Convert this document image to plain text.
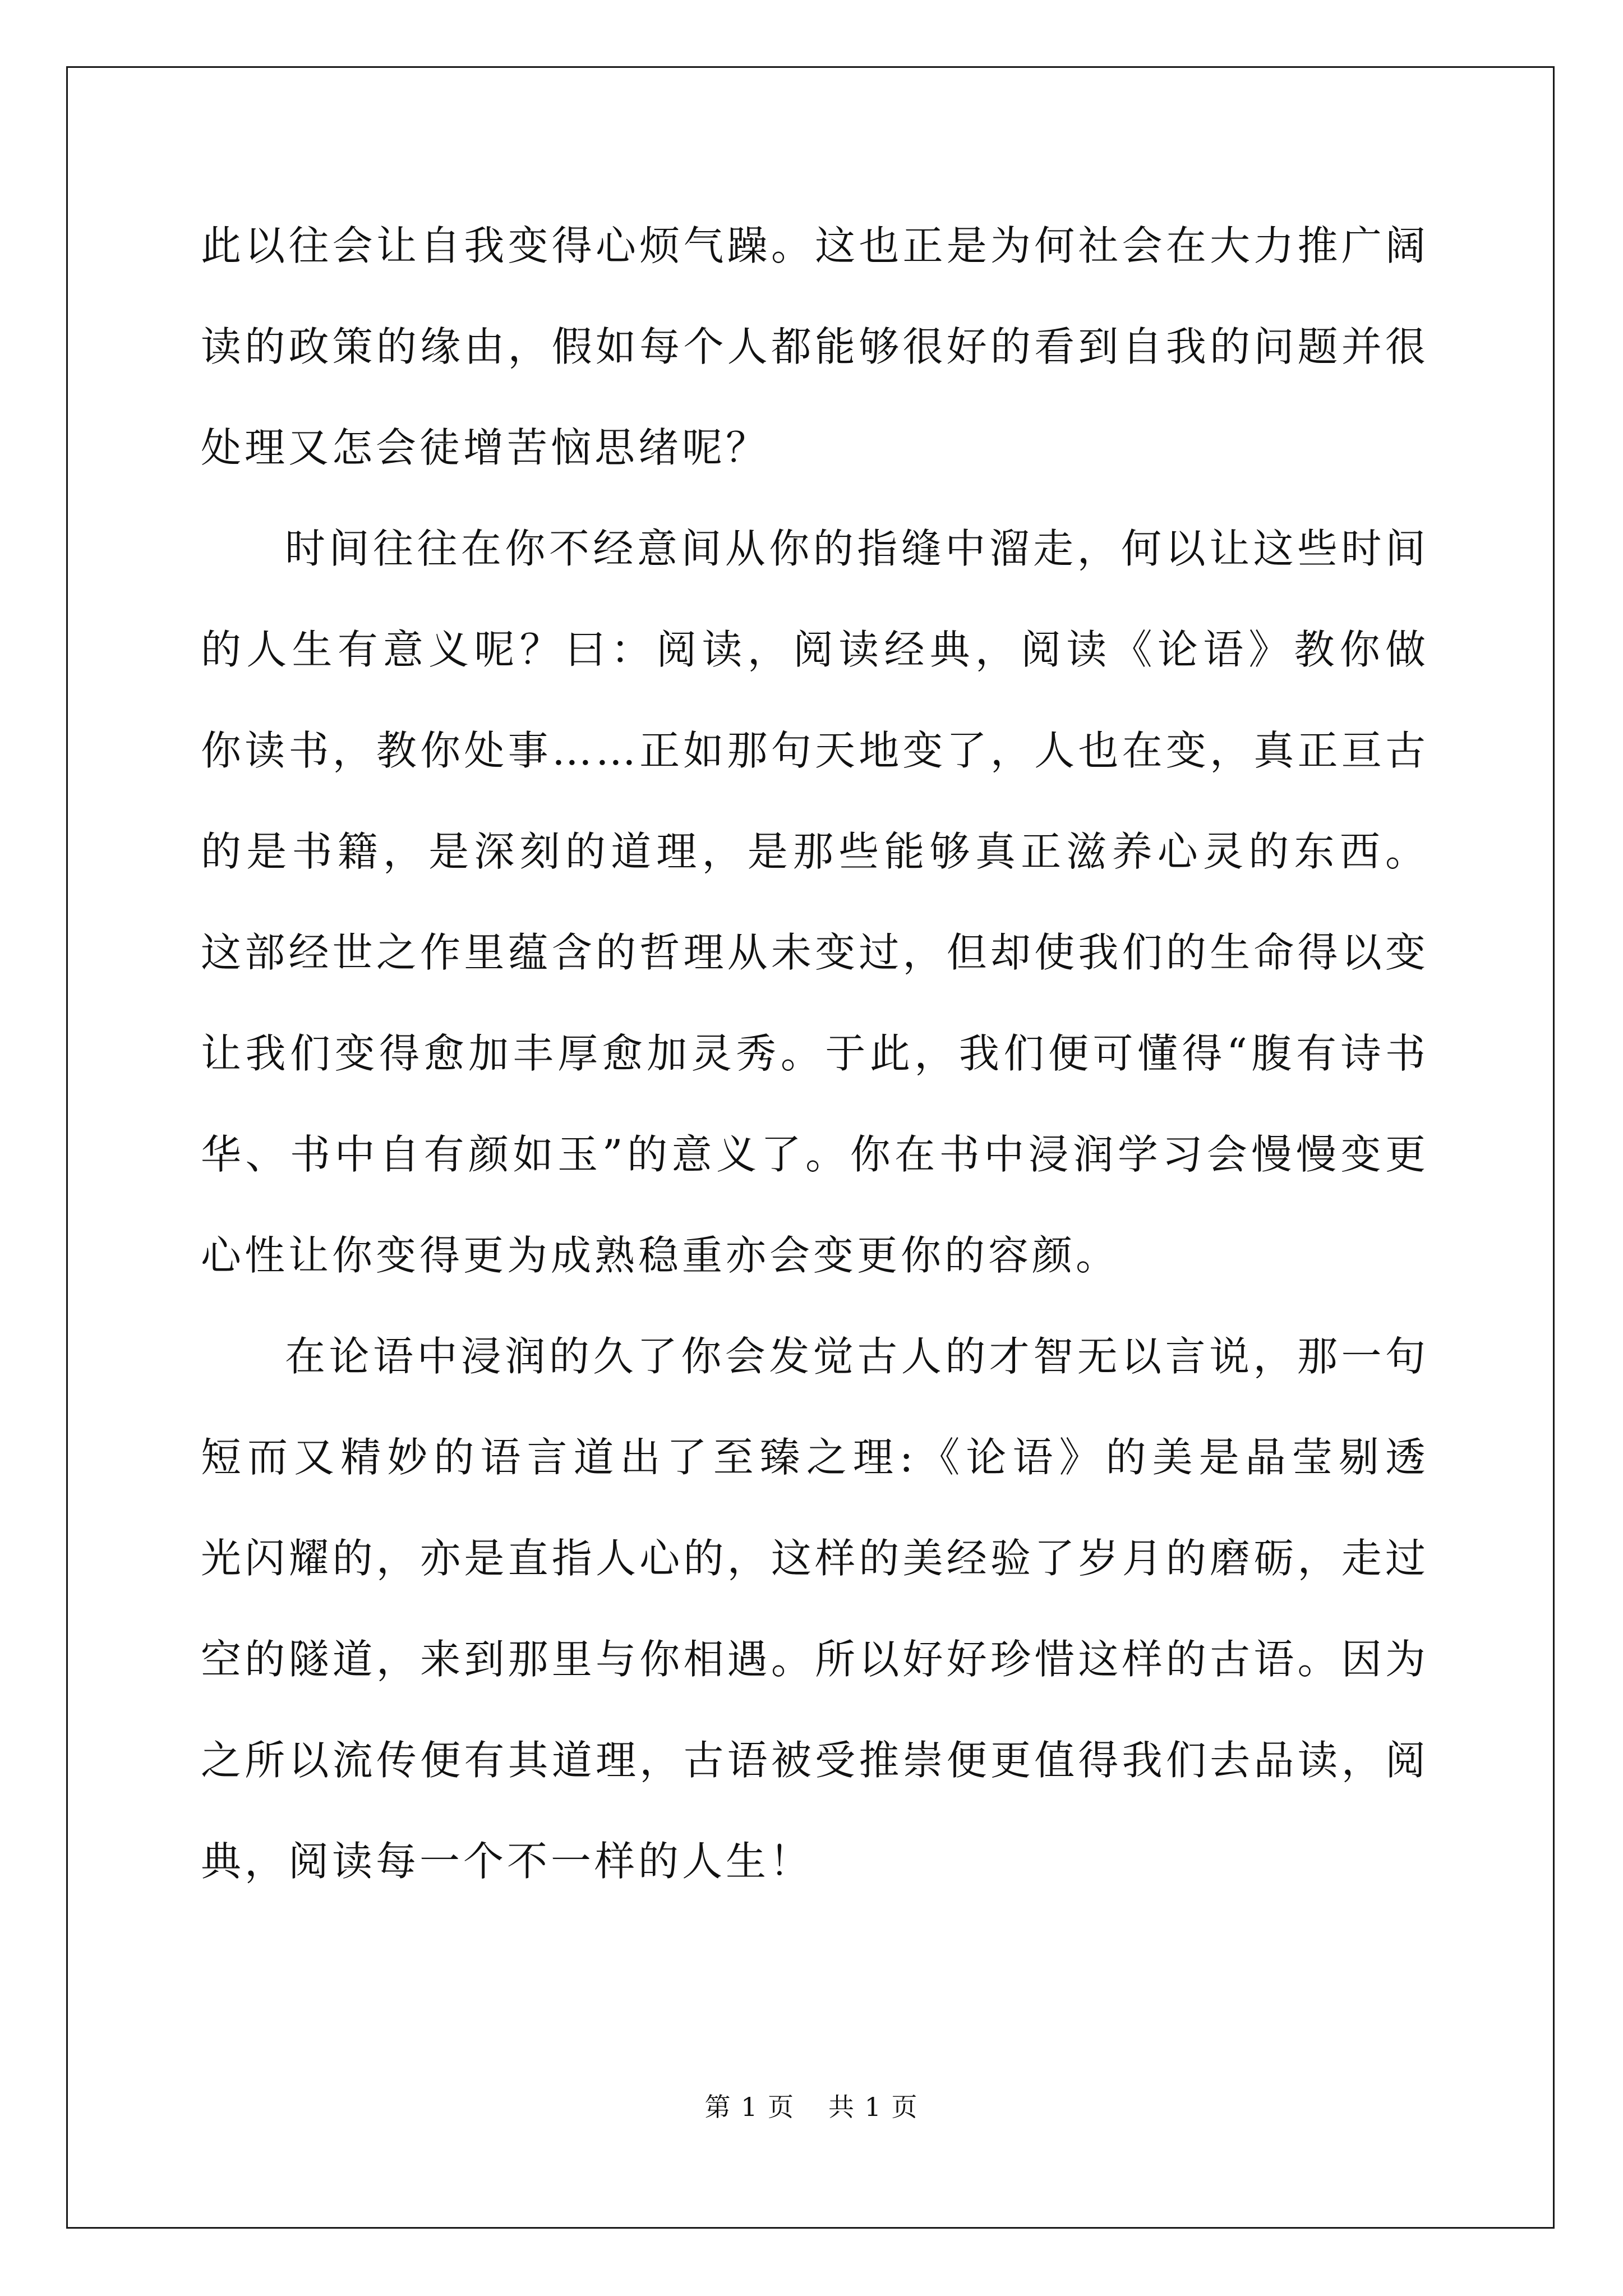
此以往会让自我变得心烦气躁。这也正是为何社会在大力推广阔
读的政策的缘由，假如每个人都能够很好的看到自我的问题并很
处理又怎会徒增苦恼思绪呢？
时间往往在你不经意间从你的指缝中溜走，何以让这些时间
的人生有意义呢？曰：阅读，阅读经典，阅读《论语》教你做
你读书，教你处事……正如那句天地变了，人也在变，真正亘古
的是书籍，是深刻的道理，是那些能够真正滋养心灵的东西。
这部经世之作里蕴含的哲理从未变过，但却使我们的生命得以变
让我们变得愈加丰厚愈加灵秀。于此，我们便可懂得“腹有诗书
华、书中自有颜如玉”的意义了。你在书中浸润学习会慢慢变更
心性让你变得更为成熟稳重亦会变更你的容颜。
在论语中浸润的久了你会发觉古人的才智无以言说，那一句
短而又精妙的语言道出了至臻之理:《论语》的美是晶莹剔透
光闪耀的，亦是直指人心的，这样的美经验了岁月的磨砺，走过
空的隧道，来到那里与你相遇。所以好好珍惜这样的古语。因为
之所以流传便有其道理，古语被受推崇便更值得我们去品读，阅
典，阅读每一个不一样的人生！
第 1 页 共 1 页
